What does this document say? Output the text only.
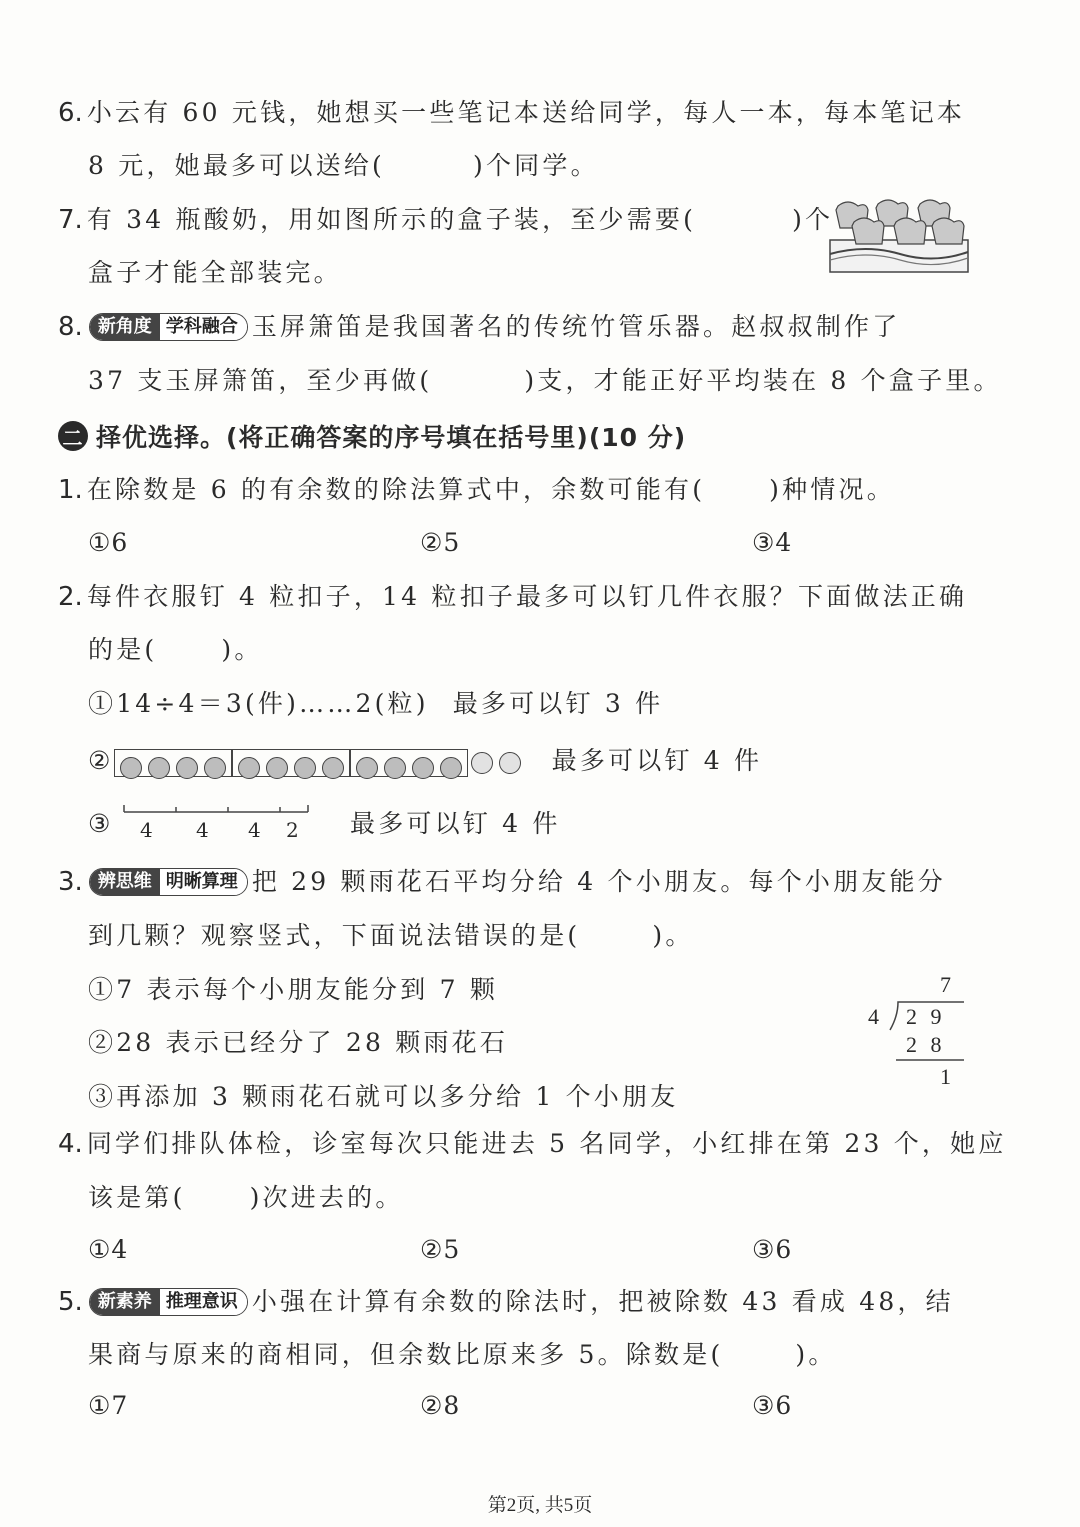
6. 小云有 60 元钱，她想买一些笔记本送给同学，每人一本，每本笔记本
8 元，她最多可以送给(	)个同学。
7. 有 34 瓶酸奶，用如图所示的盒子装，至少需要(	)个
盒子才能全部装完。
8. 新角度 学科融合 玉屏箫笛是我国著名的传统竹管乐器。赵叔叔制作了
37 支玉屏箫笛，至少再做(	)支，才能正好平均装在 8 个盒子里。
二 择优选择。(将正确答案的序号填在括号里)(10 分)
1. 在除数是 6 的有余数的除法算式中，余数可能有(	)种情况。
①6	②5	③4
2. 每件衣服钉 4 粒扣子，14 粒扣子最多可以钉几件衣服？下面做法正确
的是(	)。
①14÷4＝3(件)……2(粒) 最多可以钉 3 件
②	最多可以钉 4 件
③ 4 4 4 2 最多可以钉 4 件
3. 辨思维 明晰算理 把 29 颗雨花石平均分给 4 个小朋友。每个小朋友能分
到几颗？观察竖式，下面说法错误的是(	)。
①7 表示每个小朋友能分到 7 颗
②28 表示已经分了 28 颗雨花石
③再添加 3 颗雨花石就可以多分给 1 个小朋友
7
4 2 9
2 8
1
4. 同学们排队体检，诊室每次只能进去 5 名同学，小红排在第 23 个，她应
该是第(	)次进去的。
①4	②5	③6
5. 新素养 推理意识 小强在计算有余数的除法时，把被除数 43 看成 48，结
果商与原来的商相同，但余数比原来多 5。除数是(	)。
①7	②8	③6
第2页, 共5页
